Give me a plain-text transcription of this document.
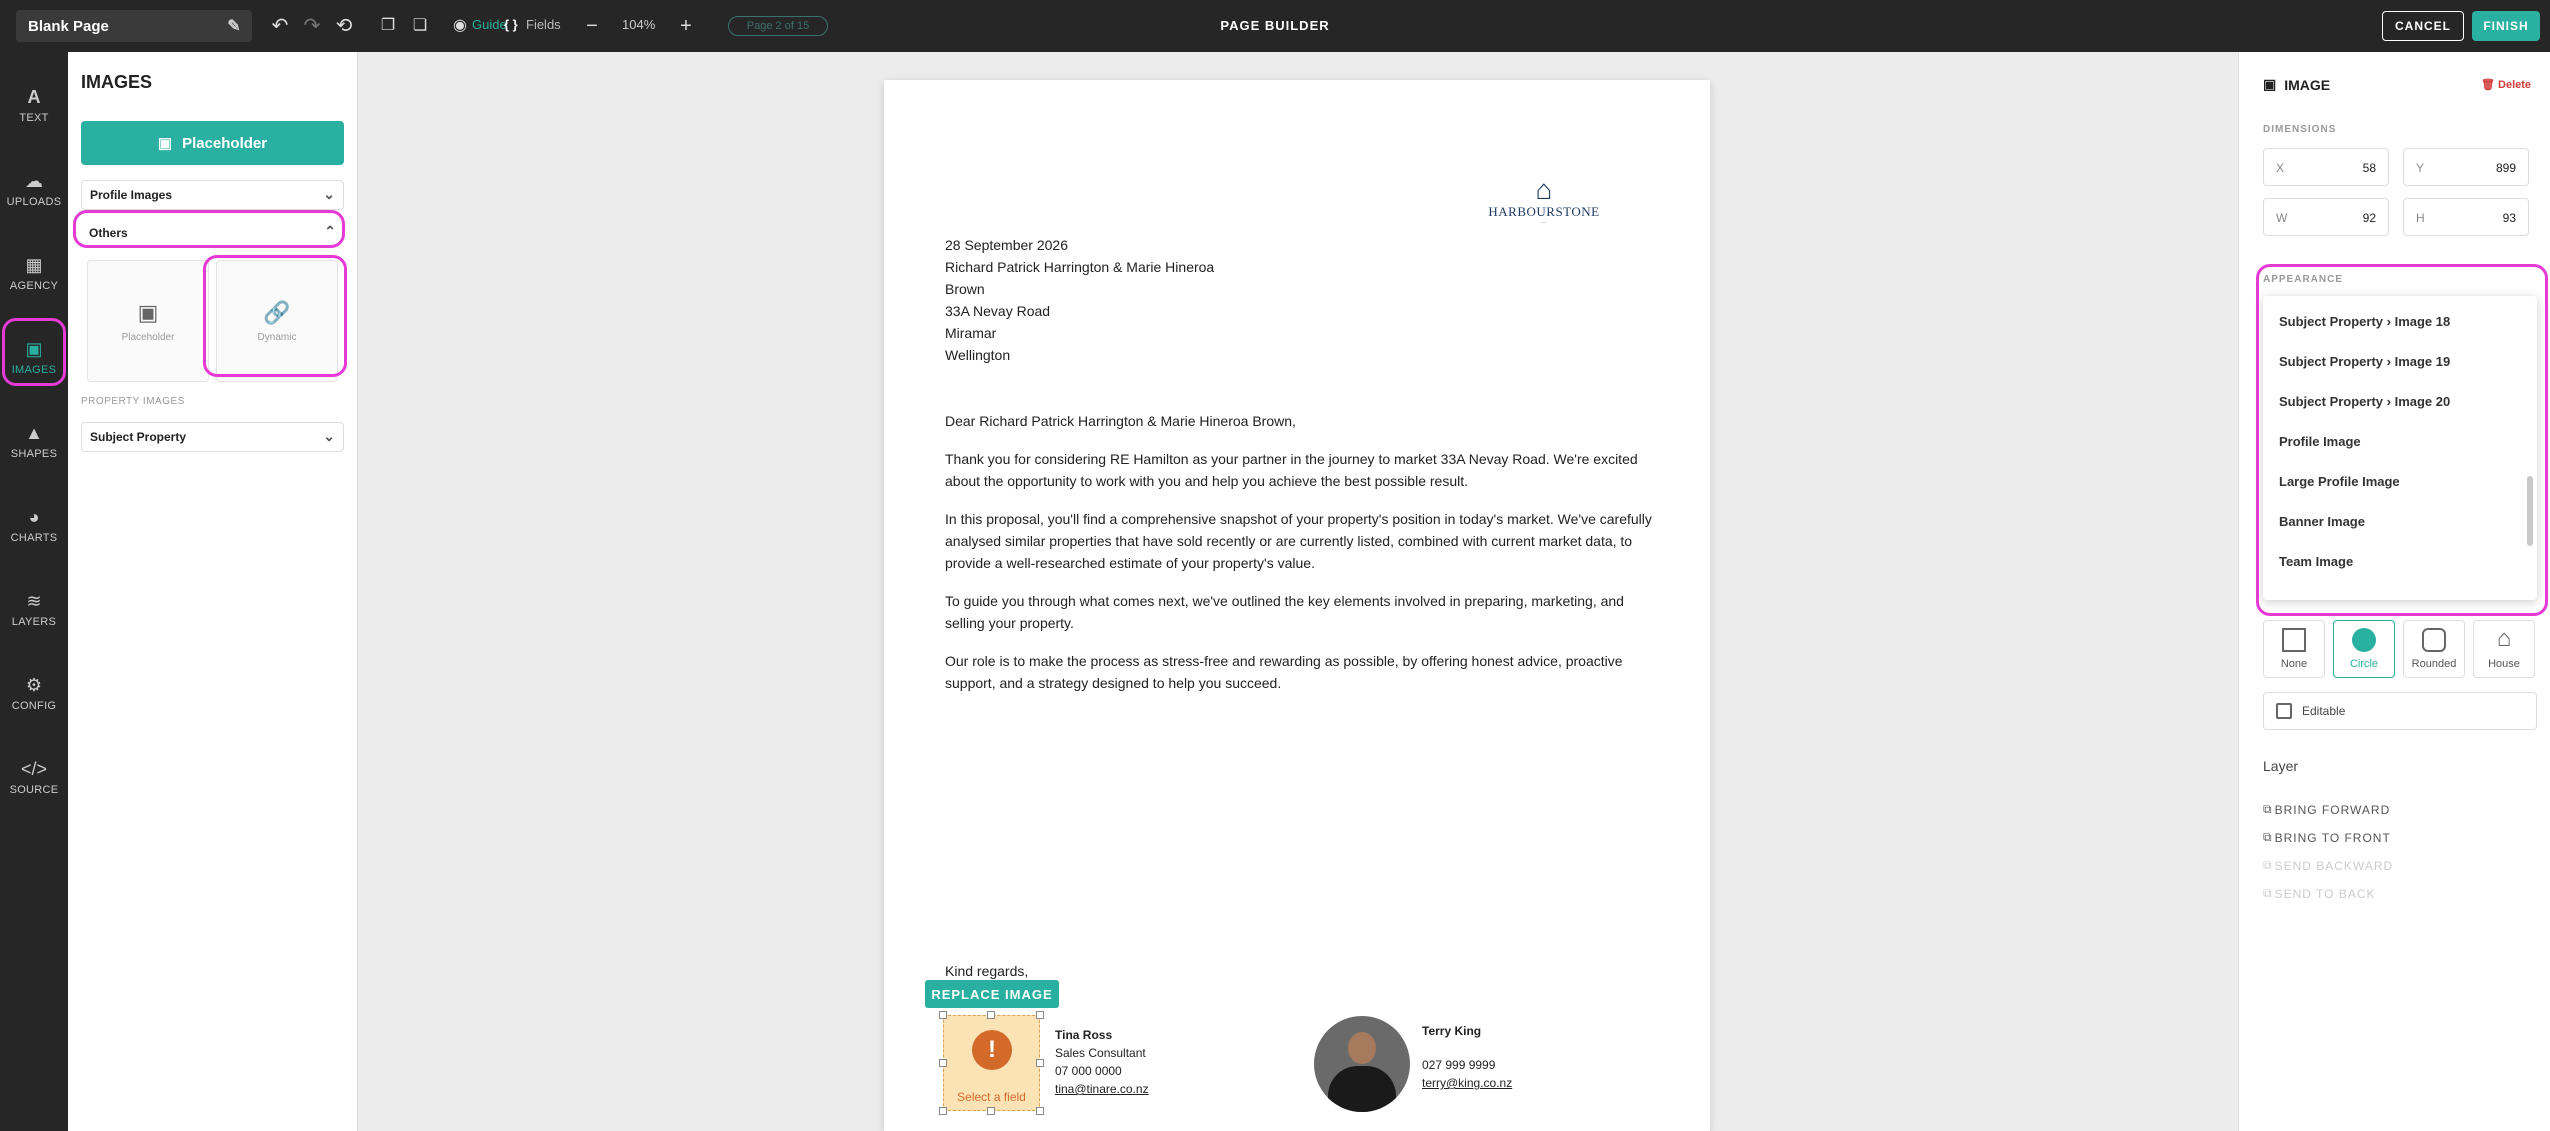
Blank Page	✎ ↶ ↷ ⟲	❐	❏	◉ Guide
{ } Fields	−	104%	+	Page 2 of 15	PAGE BUILDER	CANCEL	FINISH
A
TEXT
☁
UPLOADS
▦
AGENCY
▣
IMAGES
▲
SHAPES
◕
CHARTS
≋
LAYERS
⚙
CONFIG
</>
SOURCE
IMAGES
▣ Placeholder
Profile Images	⌄
Others	⌃
▣
Placeholder
🔗
Dynamic
PROPERTY IMAGES
Subject Property	⌄
⌂
HARBOURSTONE
—
28 September 2026
Richard Patrick Harrington & Marie Hineroa
Brown
33A Nevay Road
Miramar
Wellington
Dear Richard Patrick Harrington & Marie Hineroa Brown,
Thank you for considering RE Hamilton as your partner in the journey to market 33A Nevay Road. We're excited about the opportunity to work with you and help you achieve the best possible result.
In this proposal, you'll find a comprehensive snapshot of your property's position in today's market. We've carefully analysed similar properties that have sold recently or are currently listed, combined with current market data, to provide a well-researched estimate of your property's value.
To guide you through what comes next, we've outlined the key elements involved in preparing, marketing, and selling your property.
Our role is to make the process as stress-free and rewarding as possible, by offering honest advice, proactive support, and a strategy designed to help you succeed.
Kind regards,
REPLACE IMAGE
!
Select a field
Tina Ross
Sales Consultant
07 000 0000
tina@tinare.co.nz
Terry King
027 999 9999
terry@king.co.nz
▣ IMAGE	🗑 Delete
DIMENSIONS
X	58	Y	899
W	92	H	93
APPEARANCE
Subject Property › Image 18
Subject Property › Image 19
Subject Property › Image 20
Profile Image
Large Profile Image
Banner Image
Team Image
None	Circle	Rounded
⌂
House
Editable
Layer
⧉ BRING FORWARD
⧉ BRING TO FRONT
⧉ SEND BACKWARD
⧉ SEND TO BACK
